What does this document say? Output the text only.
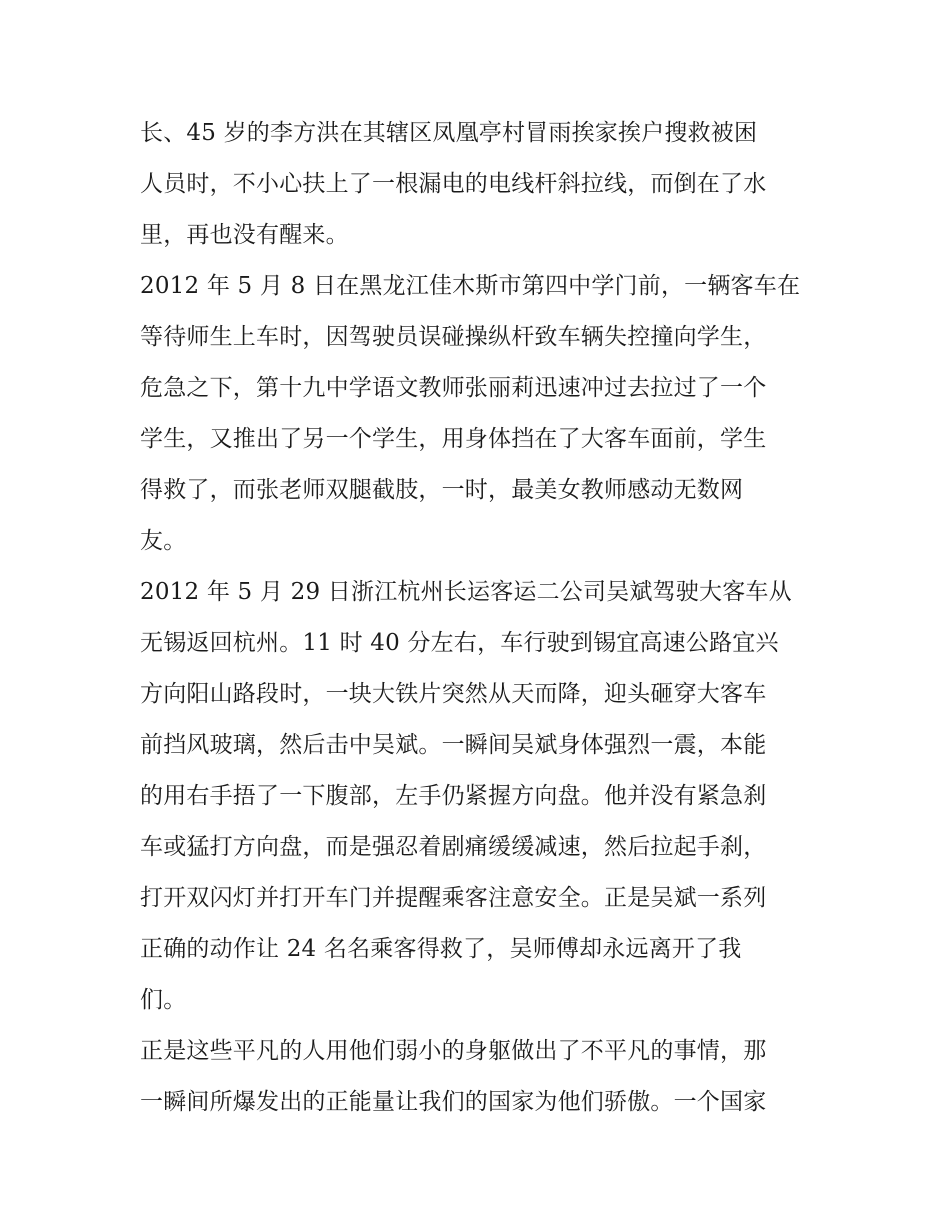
长、45 岁的李方洪在其辖区凤凰亭村冒雨挨家挨户搜救被困
人员时，不小心扶上了一根漏电的电线杆斜拉线，而倒在了水
里，再也没有醒来。
2012 年 5 月 8 日在黑龙江佳木斯市第四中学门前，一辆客车在
等待师生上车时，因驾驶员误碰操纵杆致车辆失控撞向学生，
危急之下，第十九中学语文教师张丽莉迅速冲过去拉过了一个
学生，又推出了另一个学生，用身体挡在了大客车面前，学生
得救了，而张老师双腿截肢，一时，最美女教师感动无数网
友。
2012 年 5 月 29 日浙江杭州长运客运二公司吴斌驾驶大客车从
无锡返回杭州。11 时 40 分左右，车行驶到锡宜高速公路宜兴
方向阳山路段时，一块大铁片突然从天而降，迎头砸穿大客车
前挡风玻璃，然后击中吴斌。一瞬间吴斌身体强烈一震，本能
的用右手捂了一下腹部，左手仍紧握方向盘。他并没有紧急刹
车或猛打方向盘，而是强忍着剧痛缓缓减速，然后拉起手刹，
打开双闪灯并打开车门并提醒乘客注意安全。正是吴斌一系列
正确的动作让 24 名名乘客得救了，吴师傅却永远离开了我
们。
正是这些平凡的人用他们弱小的身躯做出了不平凡的事情，那
一瞬间所爆发出的正能量让我们的国家为他们骄傲。一个国家
